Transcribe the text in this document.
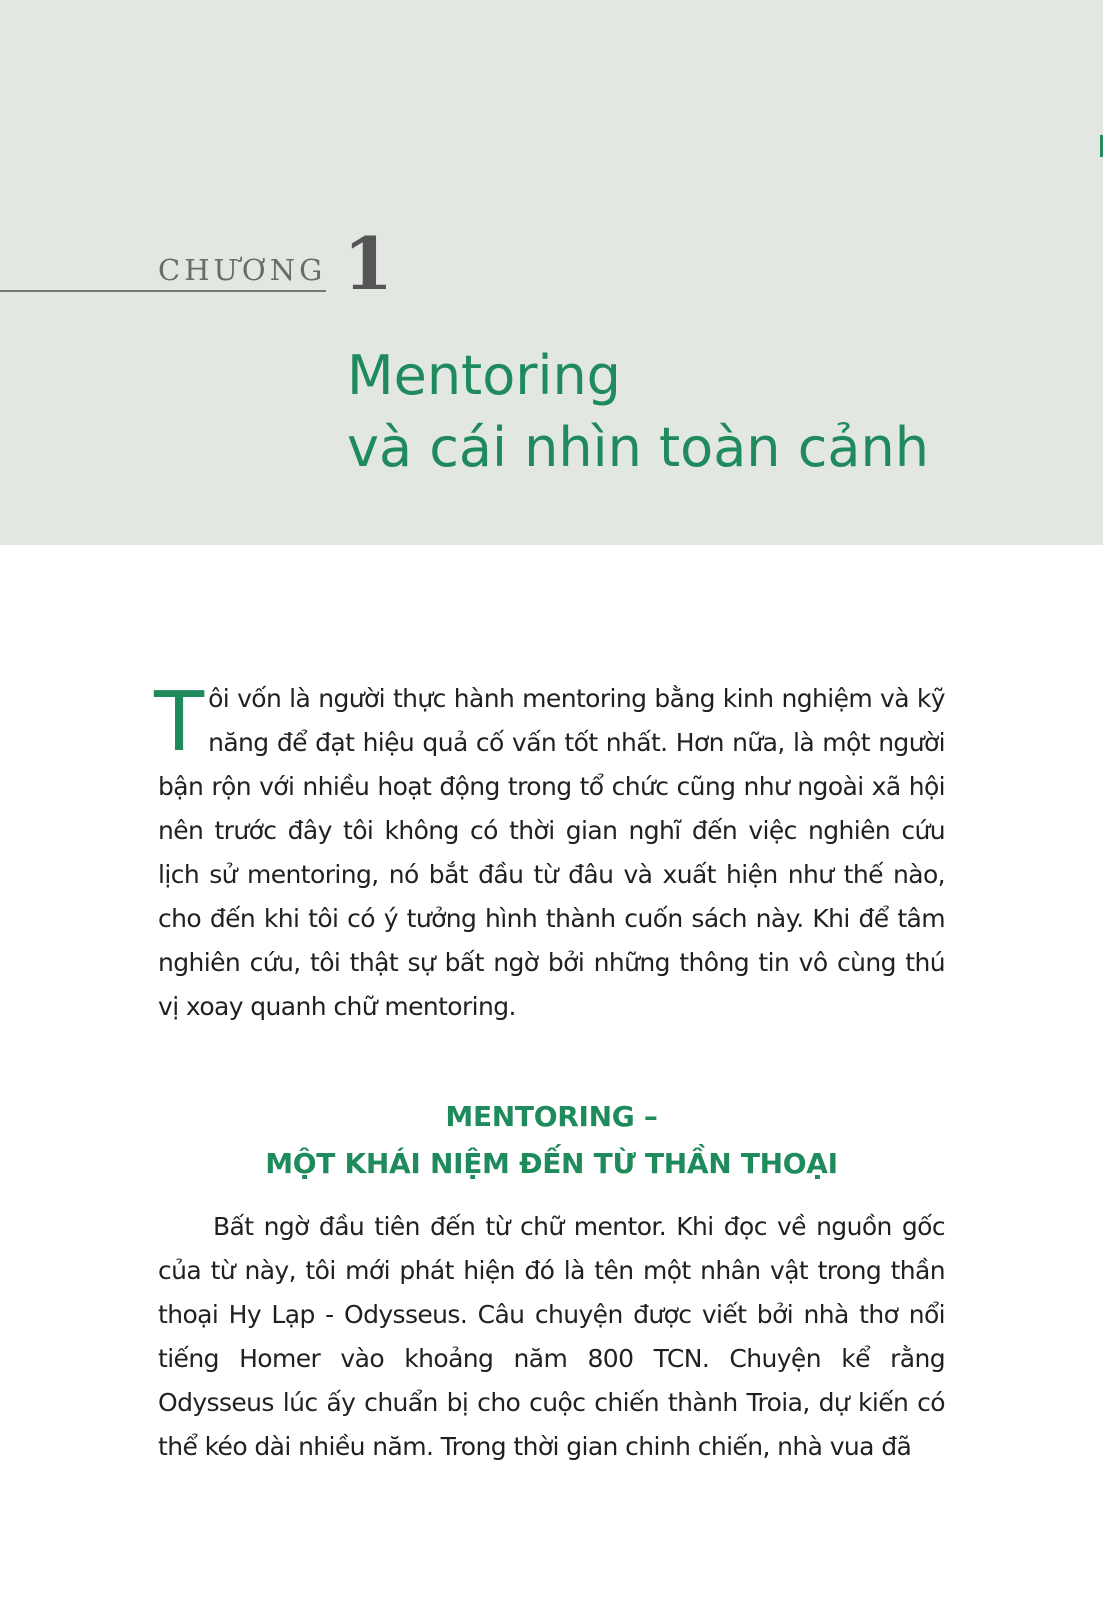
CHƯƠNG 1
Mentoring
và cái nhìn toàn cảnh
T ôi vốn là người thực hành mentoring bằng kinh nghiệm và kỹ năng để đạt hiệu quả cố vấn tốt nhất. Hơn nữa, là một người bận rộn với nhiều hoạt động trong tổ chức cũng như ngoài xã hội nên trước đây tôi không có thời gian nghĩ đến việc nghiên cứu lịch sử mentoring, nó bắt đầu từ đâu và xuất hiện như thế nào, cho đến khi tôi có ý tưởng hình thành cuốn sách này. Khi để tâm nghiên cứu, tôi thật sự bất ngờ bởi những thông tin vô cùng thú vị xoay quanh chữ mentoring.
MENTORING –
MỘT KHÁI NIỆM ĐẾN TỪ THẦN THOẠI
Bất ngờ đầu tiên đến từ chữ mentor. Khi đọc về nguồn gốc của từ này, tôi mới phát hiện đó là tên một nhân vật trong thần thoại Hy Lạp - Odysseus. Câu chuyện được viết bởi nhà thơ nổi tiếng Homer vào khoảng năm 800 TCN. Chuyện kể rằng Odysseus lúc ấy chuẩn bị cho cuộc chiến thành Troia, dự kiến có thể kéo dài nhiều năm. Trong thời gian chinh chiến, nhà vua đã
